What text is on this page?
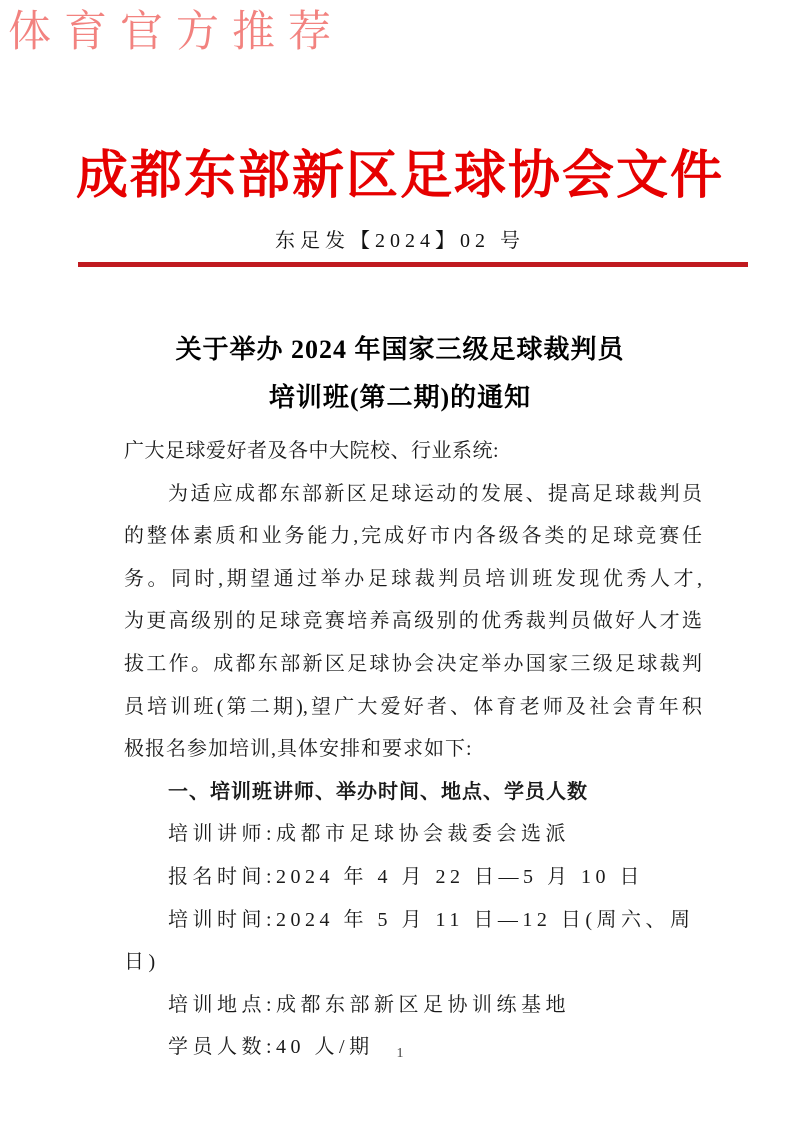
体育官方推荐
成都东部新区足球协会文件
东足发【2024】02 号
关于举办 2024 年国家三级足球裁判员
培训班(第二期)的通知
广大足球爱好者及各中大院校、行业系统:
为适应成都东部新区足球运动的发展、提高足球裁判员
的整体素质和业务能力,完成好市内各级各类的足球竞赛任
务。同时,期望通过举办足球裁判员培训班发现优秀人才,
为更高级别的足球竞赛培养高级别的优秀裁判员做好人才选
拔工作。成都东部新区足球协会决定举办国家三级足球裁判
员培训班(第二期),望广大爱好者、体育老师及社会青年积
极报名参加培训,具体安排和要求如下:
一、培训班讲师、举办时间、地点、学员人数
培训讲师:成都市足球协会裁委会选派
报名时间:2024 年 4 月 22 日—5 月 10 日
培训时间:2024 年 5 月 11 日—12 日(周六、周日)
培训地点:成都东部新区足协训练基地
学员人数:40 人/期	1
